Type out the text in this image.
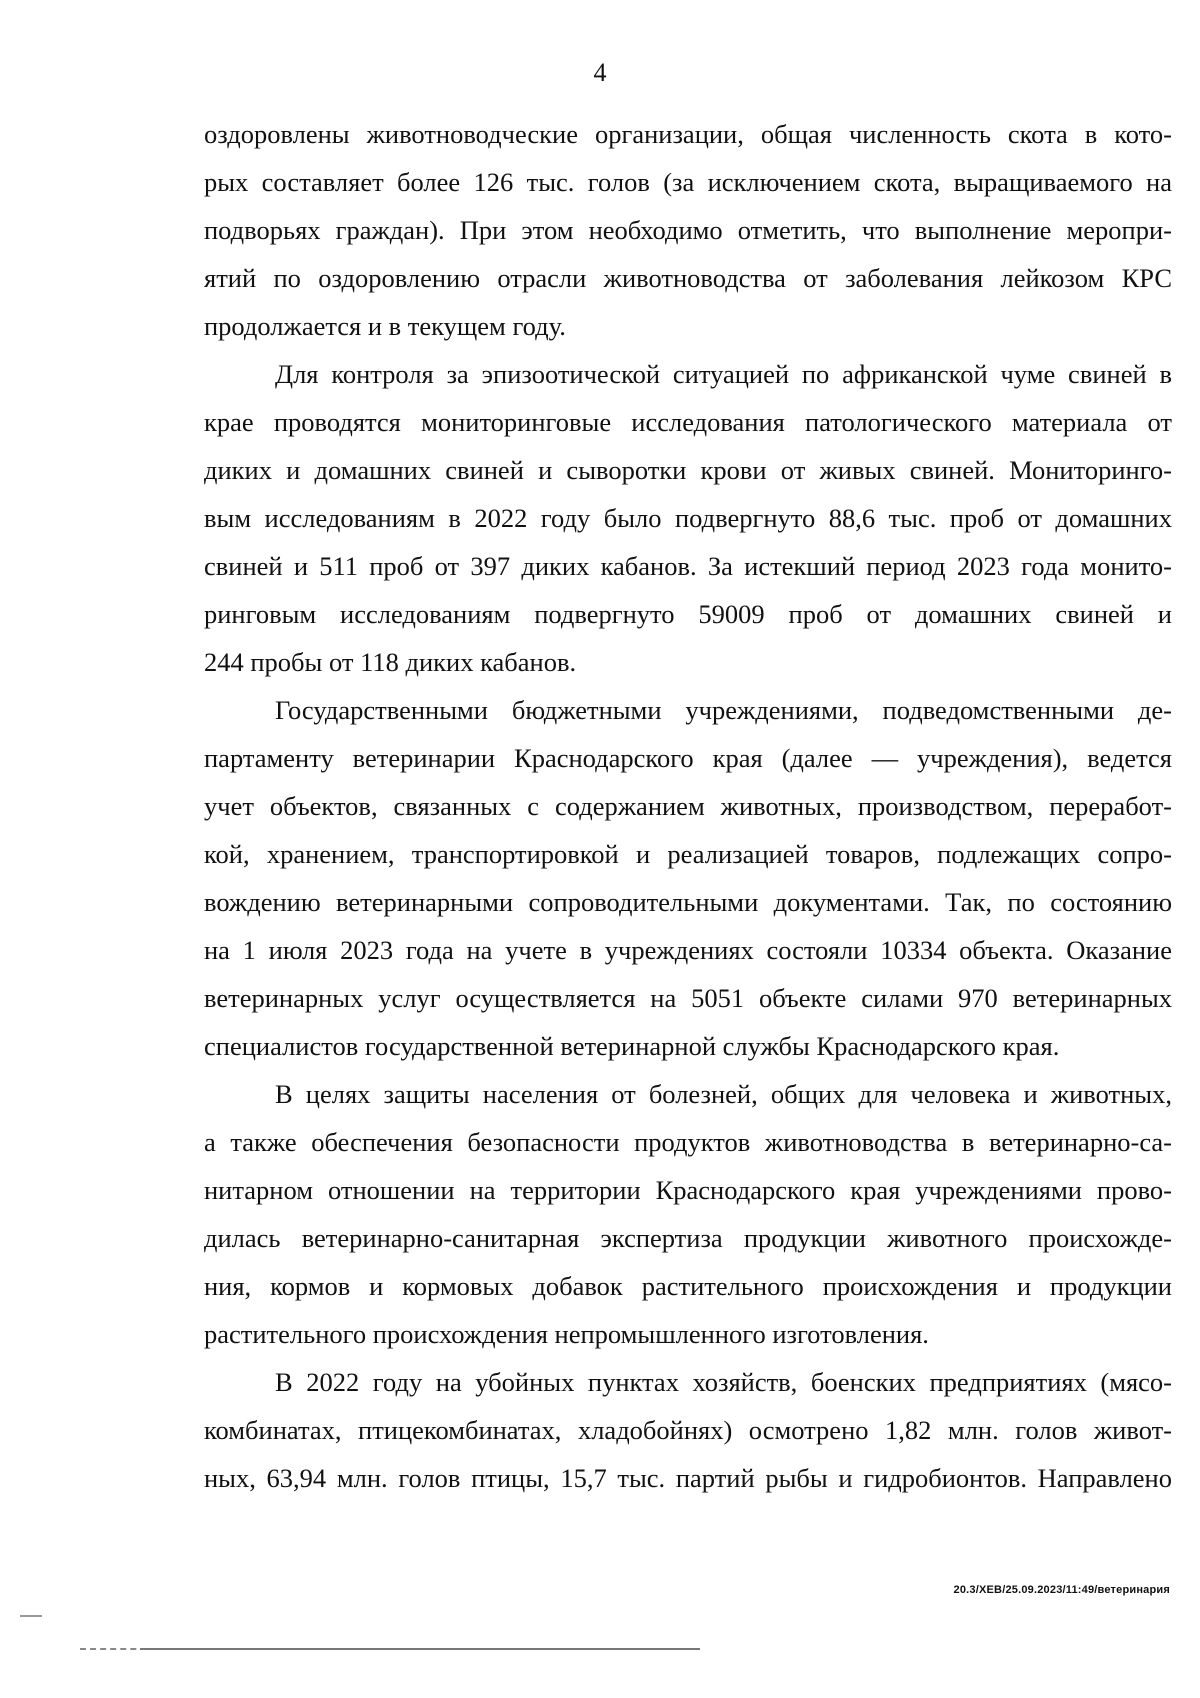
4
оздоровлены животноводческие организации, общая численность скота в кото-
рых составляет более 126 тыс. голов (за исключением скота, выращиваемого на
подворьях граждан). При этом необходимо отметить, что выполнение меропри-
ятий по оздоровлению отрасли животноводства от заболевания лейкозом КРС
продолжается и в текущем году.
Для контроля за эпизоотической ситуацией по африканской чуме свиней в
крае проводятся мониторинговые исследования патологического материала от
диких и домашних свиней и сыворотки крови от живых свиней. Мониторинго-
вым исследованиям в 2022 году было подвергнуто 88,6 тыс. проб от домашних
свиней и 511 проб от 397 диких кабанов. За истекший период 2023 года монито-
ринговым исследованиям подвергнуто 59009 проб от домашних свиней и
244 пробы от 118 диких кабанов.
Государственными бюджетными учреждениями, подведомственными де-
партаменту ветеринарии Краснодарского края (далее — учреждения), ведется
учет объектов, связанных с содержанием животных, производством, переработ-
кой, хранением, транспортировкой и реализацией товаров, подлежащих сопро-
вождению ветеринарными сопроводительными документами. Так, по состоянию
на 1 июля 2023 года на учете в учреждениях состояли 10334 объекта. Оказание
ветеринарных услуг осуществляется на 5051 объекте силами 970 ветеринарных
специалистов государственной ветеринарной службы Краснодарского края.
В целях защиты населения от болезней, общих для человека и животных,
а также обеспечения безопасности продуктов животноводства в ветеринарно-са-
нитарном отношении на территории Краснодарского края учреждениями прово-
дилась ветеринарно-санитарная экспертиза продукции животного происхожде-
ния, кормов и кормовых добавок растительного происхождения и продукции
растительного происхождения непромышленного изготовления.
В 2022 году на убойных пунктах хозяйств, боенских предприятиях (мясо-
комбинатах, птицекомбинатах, хладобойнях) осмотрено 1,82 млн. голов живот-
ных, 63,94 млн. голов птицы, 15,7 тыс. партий рыбы и гидробионтов. Направлено
20.3/ХЕВ/25.09.2023/11:49/ветеринария
